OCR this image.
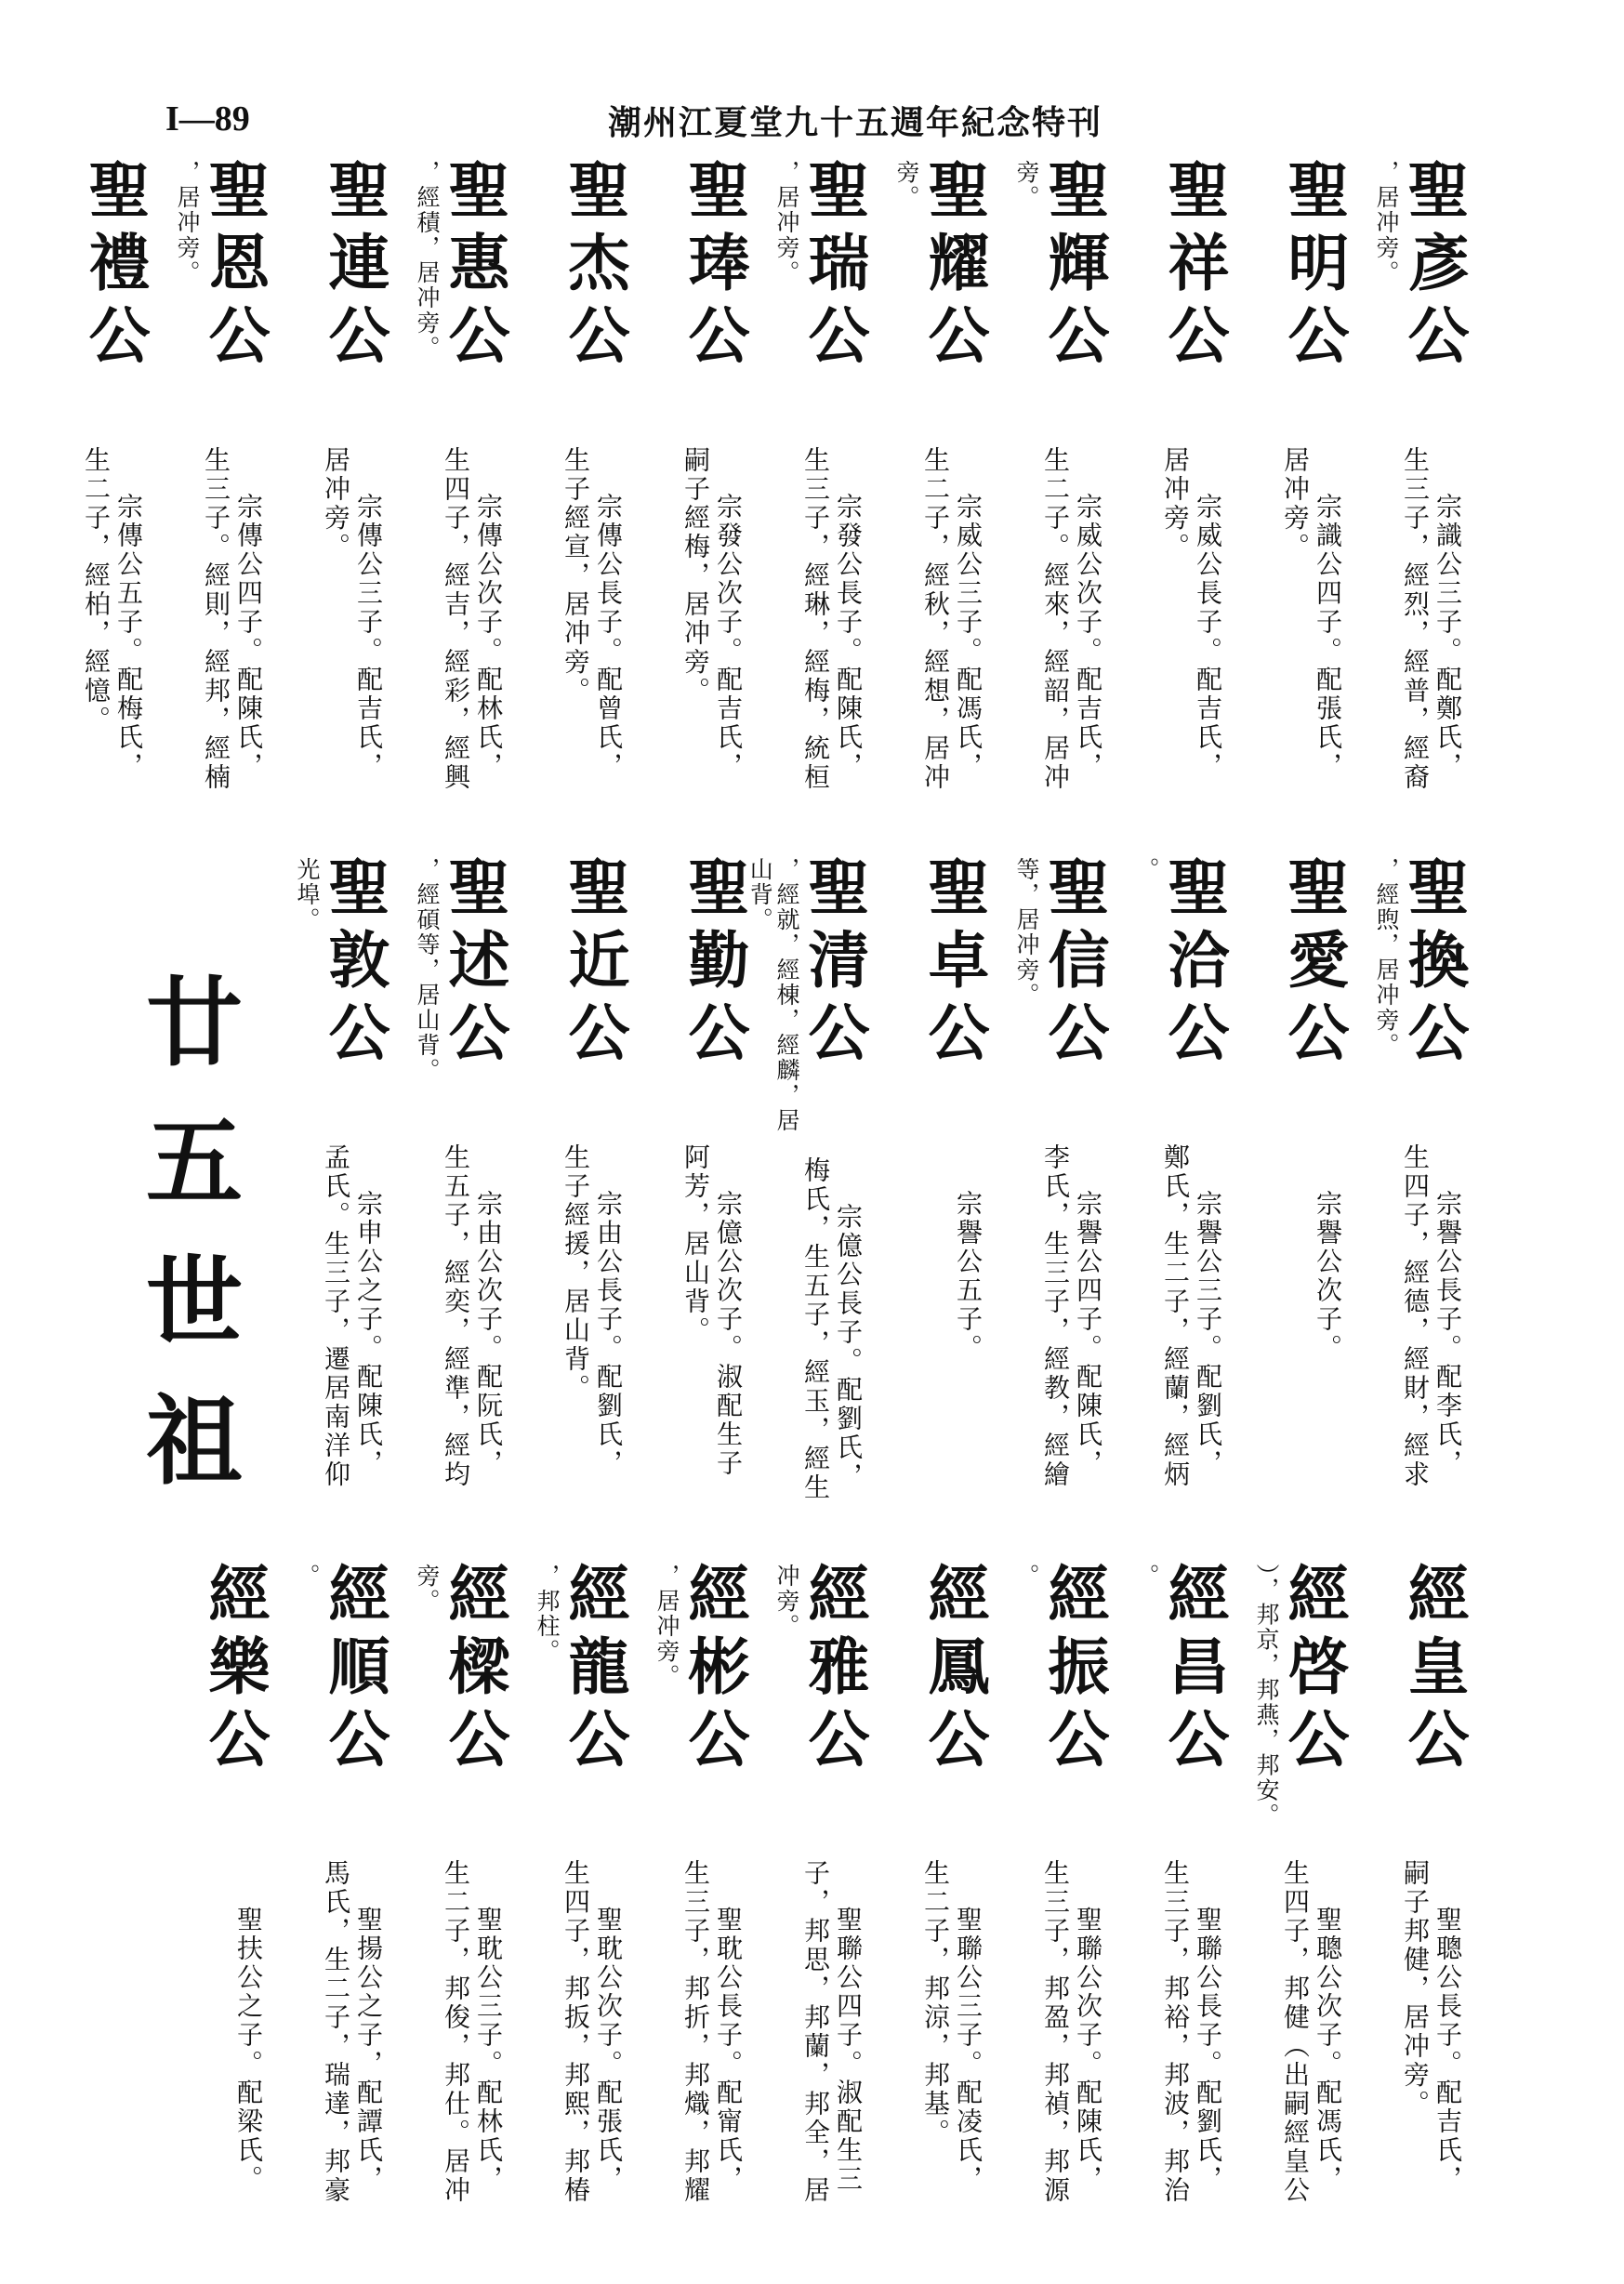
I—89	潮州江夏堂九十五週年紀念特刊
聖彥公
，居冲旁。
宗識公三子。配鄭氏，
生三子，經烈，經普，經裔
聖明公
宗識公四子。配張氏，
居冲旁。
聖祥公
宗威公長子。配吉氏，
居冲旁。
聖輝公
旁。
宗威公次子。配吉氏，
生二子。經來，經韶，居冲
聖耀公
旁。
宗威公三子。配馮氏，
生二子，經秋，經想，居冲
聖瑞公
，居冲旁。
宗發公長子。配陳氏，
生三子，經琳，經梅，統桓
聖琫公
宗發公次子。配吉氏，
嗣子經梅，居冲旁。
聖杰公
宗傳公長子。配曾氏，
生子經宣，居冲旁。
聖惠公
，經積，居冲旁。
宗傳公次子。配林氏，
生四子，經吉，經彩，經興
聖連公
宗傳公三子。配吉氏，
居冲旁。
聖恩公
，居冲旁。
宗傳公四子。配陳氏，
生三子。經則，經邦，經楠
聖禮公
宗傳公五子。配梅氏，
生二子，經柏，經憶。
聖換公
，經煦，居冲旁。
宗譽公長子。配李氏，
生四子，經德，經財，經求
聖愛公
宗譽公次子。
聖洽公
。
宗譽公三子。配劉氏，
鄭氏，生二子，經蘭，經炳
聖信公
等，居冲旁。
宗譽公四子。配陳氏，
李氏，生三子，經教，經繪
聖卓公
宗譽公五子。
聖清公
，經就，經棟，經麟，居山背。
宗億公長子。配劉氏，
梅氏，生五子，經玉，經生
聖勤公
宗億公次子。淑配生子
阿芳，居山背。
聖近公
宗由公長子。配劉氏，
生子經援，居山背。
聖述公
，經碩等，居山背。
宗由公次子。配阮氏，
生五子，經奕，經準，經均
聖敦公
光埠。
宗申公之子。配陳氏，
孟氏。生三子，遷居南洋仰
經皇公
聖聰公長子。配吉氏，
嗣子邦健，居冲旁。
經啓公
），邦京，邦燕，邦安。
聖聰公次子。配馮氏，
生四子，邦健（出嗣經皇公
經昌公
。
聖聯公長子。配劉氏，
生三子，邦裕，邦波，邦治
經振公
。
聖聯公次子。配陳氏，
生三子，邦盈，邦禎，邦源
經鳳公
聖聯公三子。配凌氏，
生二子，邦涼，邦基。
經雅公
冲旁。
聖聯公四子。淑配生三
子，邦思，邦蘭，邦全，居
經彬公
，居冲旁。
聖耽公長子。配甯氏，
生三子，邦折，邦熾，邦耀
經龍公
，邦柱。
聖耽公次子。配張氏，
生四子，邦扳，邦熙，邦椿
經樑公
旁。
聖耽公三子。配林氏，
生二子，邦俊，邦仕。居冲
經順公
。
聖揚公之子，配譚氏，
馬氏，生二子，瑞達，邦豪
經樂公
聖扶公之子。配梁氏。
廿五世祖
